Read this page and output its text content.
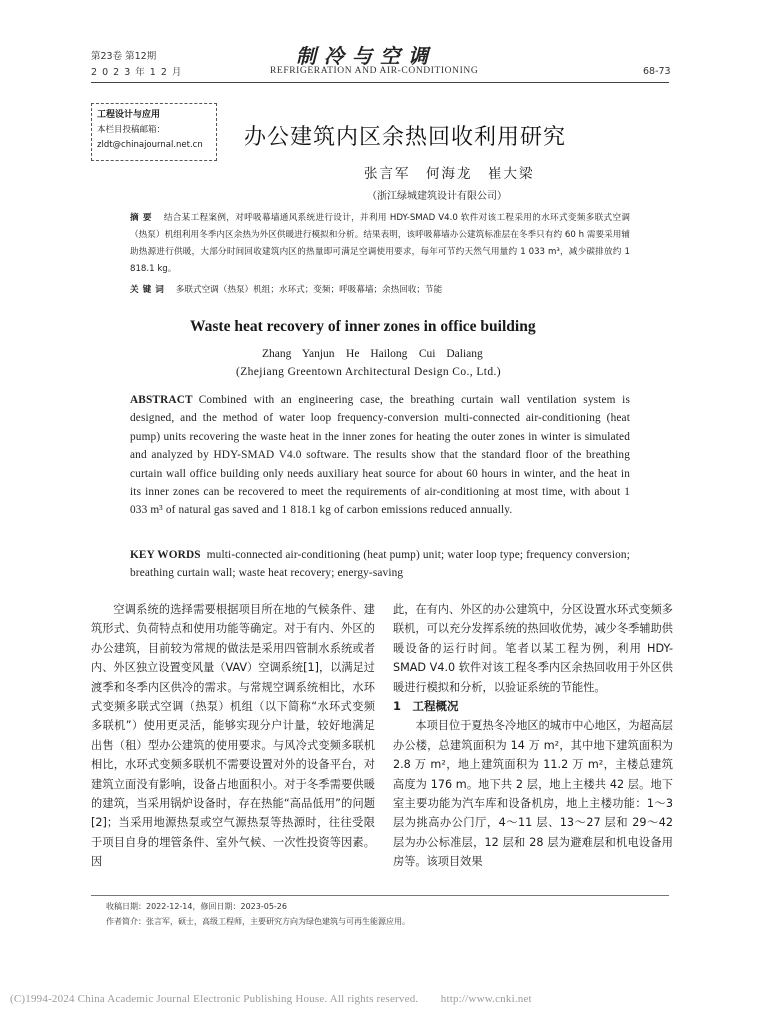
第23卷 第12期
2 0 2 3 年 1 2 月
制冷与空调
REFRIGERATION AND AIR-CONDITIONING	68-73
工程设计与应用
本栏目投稿邮箱：
zldt@chinajournal.net.cn	办公建筑内区余热回收利用研究
张言军　何海龙　崔大梁
（浙江绿城建筑设计有限公司）
摘要 结合某工程案例，对呼吸幕墙通风系统进行设计，并利用 HDY-SMAD V4.0 软件对该工程采用的水环式变频多联式空调（热泵）机组利用冬季内区余热为外区供暖进行模拟和分析。结果表明，该呼吸幕墙办公建筑标准层在冬季只有约 60 h 需要采用辅助热源进行供暖，大部分时间回收建筑内区的热量即可满足空调使用要求，每年可节约天然气用量约 1 033 m³，减少碳排放约 1 818.1 kg。
关键词 多联式空调（热泵）机组；水环式；变频；呼吸幕墙；余热回收；节能
Waste heat recovery of inner zones in office building
Zhang Yanjun　He Hailong　Cui Daliang
(Zhejiang Greentown Architectural Design Co., Ltd.)
ABSTRACT Combined with an engineering case, the breathing curtain wall ventilation system is designed, and the method of water loop frequency-conversion multi-connected air-conditioning (heat pump) units recovering the waste heat in the inner zones for heating the outer zones in winter is simulated and analyzed by HDY-SMAD V4.0 software. The results show that the standard floor of the breathing curtain wall office building only needs auxiliary heat source for about 60 hours in winter, and the heat in its inner zones can be recovered to meet the requirements of air-conditioning at most time, with about 1 033 m³ of natural gas saved and 1 818.1 kg of carbon emissions reduced annually.
KEY WORDS multi-connected air-conditioning (heat pump) unit; water loop type; frequency conversion; breathing curtain wall; waste heat recovery; energy-saving

空调系统的选择需要根据项目所在地的气候条件、建筑形式、负荷特点和使用功能等确定。对于有内、外区的办公建筑，目前较为常规的做法是采用四管制水系统或者内、外区独立设置变风量（VAV）空调系统[1]，以满足过渡季和冬季内区供冷的需求。与常规空调系统相比，水环式变频多联式空调（热泵）机组（以下简称“水环式变频多联机”）使用更灵活，能够实现分户计量，较好地满足出售（租）型办公建筑的使用要求。与风冷式变频多联机相比，水环式变频多联机不需要设置对外的设备平台，对建筑立面没有影响，设备占地面积小。对于冬季需要供暖的建筑，当采用锅炉设备时，存在热能“高品低用”的问题[2]；当采用地源热泵或空气源热泵等热源时，往往受限于项目自身的埋管条件、室外气候、一次性投资等因素。因

此，在有内、外区的办公建筑中，分区设置水环式变频多联机，可以充分发挥系统的热回收优势，减少冬季辅助供暖设备的运行时间。笔者以某工程为例，利用 HDY-SMAD V4.0 软件对该工程冬季内区余热回收用于外区供暖进行模拟和分析，以验证系统的节能性。

1　工程概况

本项目位于夏热冬冷地区的城市中心地区，为超高层办公楼，总建筑面积为 14 万 m²，其中地下建筑面积为 2.8 万 m²，地上建筑面积为 11.2 万 m²，主楼总建筑高度为 176 m。地下共 2 层，地上主楼共 42 层。地下室主要功能为汽车库和设备机房，地上主楼功能：1～3 层为挑高办公门厅，4～11 层、13～27 层和 29～42 层为办公标准层，12 层和 28 层为避难层和机电设备用房等。该项目效果

收稿日期：2022-12-14，修回日期：2023-05-26
作者简介：张言军，硕士，高级工程师，主要研究方向为绿色建筑与可再生能源应用。
(C)1994-2024 China Academic Journal Electronic Publishing House. All rights reserved.　　http://www.cnki.net
